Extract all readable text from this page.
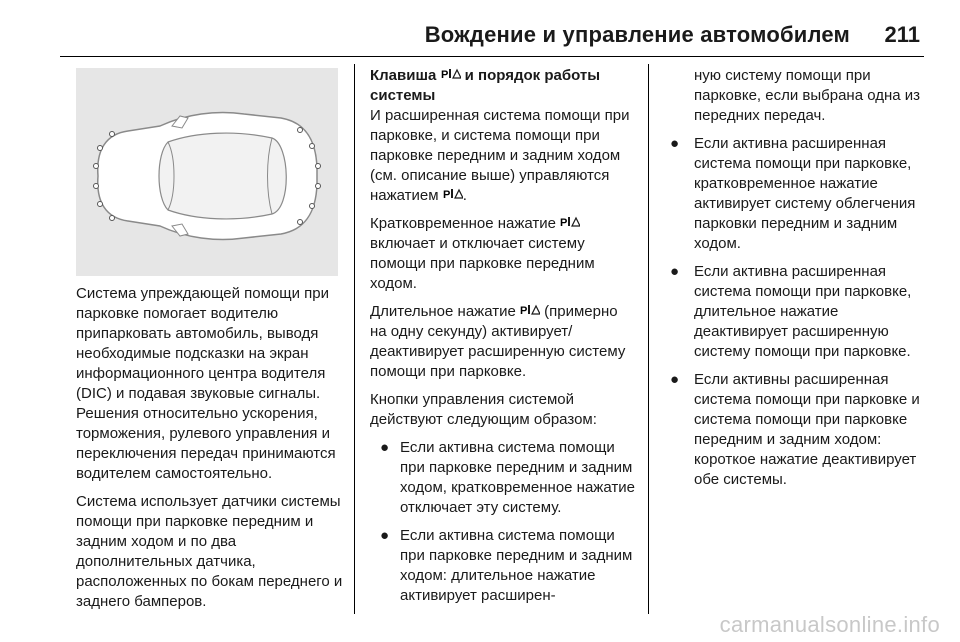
Вождение и управление автомобилем 211

Система упреждающей помощи при парковке помогает водителю припарковать автомобиль, выводя необходимые подсказки на экран информационного центра водителя (DIC) и подавая звуковые сигналы. Решения относительно ускорения, торможения, рулевого управления и переключения передач принимаются водителем самостоятельно.

Система использует датчики системы помощи при парковке передним и задним ходом и по два дополнительных датчика, расположенных по бокам переднего и заднего бамперов.

Клавиша P и порядок работы системы

И расширенная система помощи при парковке, и система помощи при парковке передним и задним ходом (см. описание выше) управляются нажатием P .

Кратковременное нажатие P
включает и отключает систему помощи при парковке передним ходом.

Длительное нажатие P (примерно на одну секунду) активирует/деактивирует расширенную систему помощи при парковке.

Кнопки управления системой действуют следующим образом:

● Если активна система помощи при парковке передним и задним ходом, кратковременное нажатие отключает эту систему.
● Если активна система помощи при парковке передним и задним ходом: длительное нажатие активирует расширен-

ную систему помощи при парковке, если выбрана одна из передних передач.

● Если активна расширенная система помощи при парковке, кратковременное нажатие активирует систему облегчения парковки передним и задним ходом.
● Если активна расширенная система помощи при парковке, длительное нажатие деактивирует расширенную систему помощи при парковке.
● Если активны расширенная система помощи при парковке и система помощи при парковке передним и задним ходом: короткое нажатие деактивирует обе системы.
carmanualsonline.info
